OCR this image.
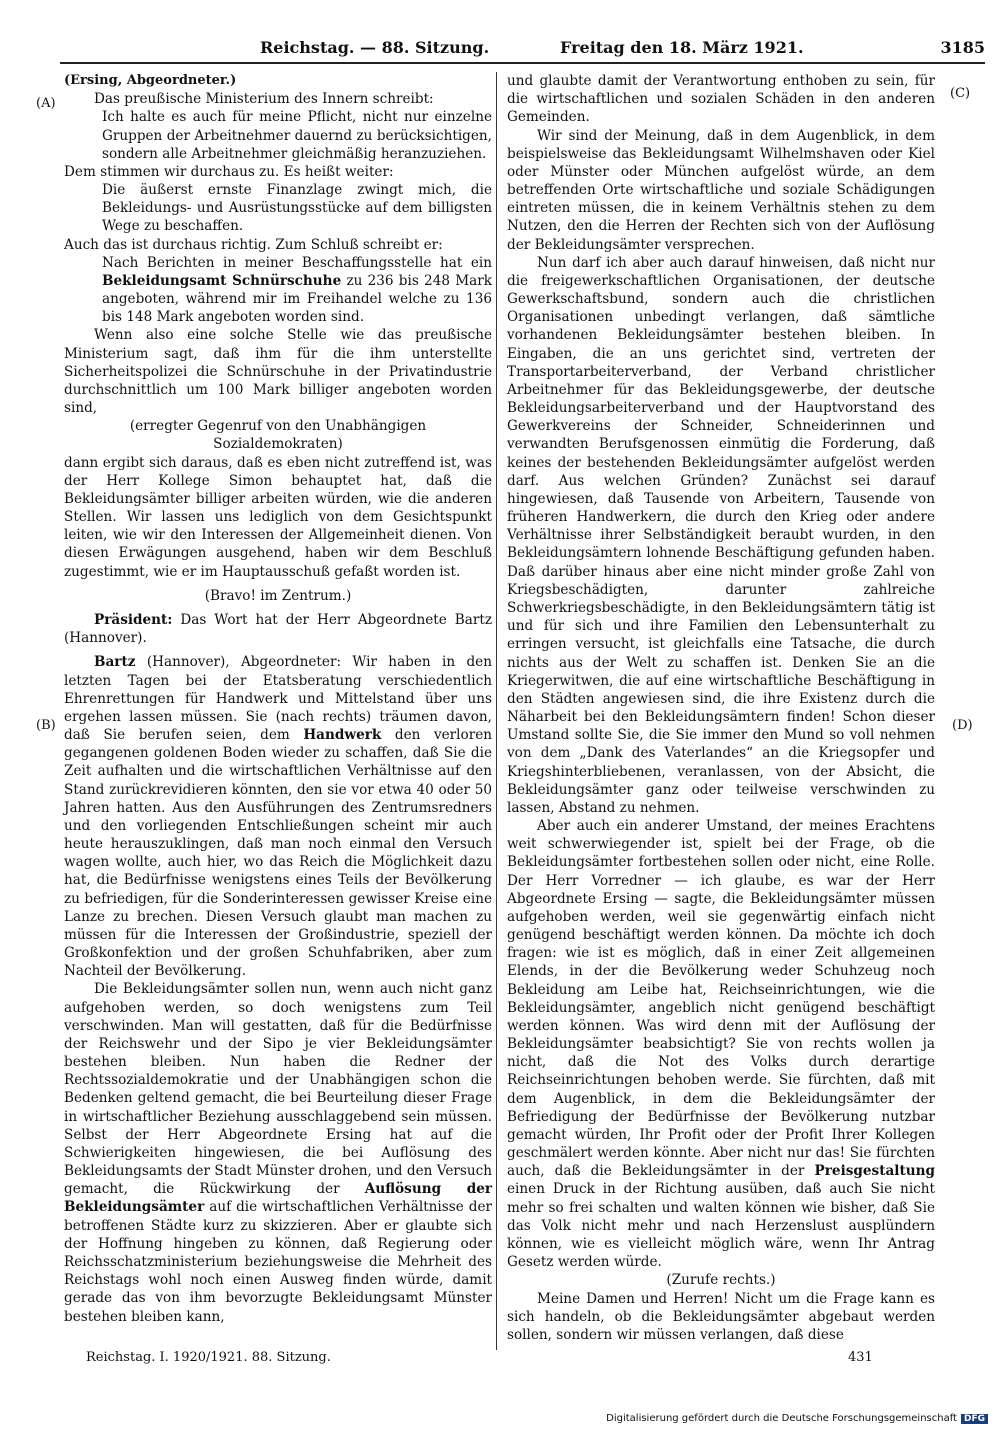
Reichstag. — 88. Sitzung.	Freitag den 18. März 1921.	3185
(A)
(B)
(C)
(D)

(Ersing, Abgeordneter.)

Das preußische Ministerium des Innern schreibt:

Ich halte es auch für meine Pflicht, nicht nur einzelne Gruppen der Arbeitnehmer dauernd zu berücksichtigen, sondern alle Arbeitnehmer gleichmäßig heranzuziehen.

Dem stimmen wir durchaus zu. Es heißt weiter:

Die äußerst ernste Finanzlage zwingt mich, die Bekleidungs- und Ausrüstungsstücke auf dem billigsten Wege zu beschaffen.

Auch das ist durchaus richtig. Zum Schluß schreibt er:

Nach Berichten in meiner Beschaffungsstelle hat ein Bekleidungsamt Schnürschuhe zu 236 bis 248 Mark angeboten, während mir im Freihandel welche zu 136 bis 148 Mark angeboten worden sind.

Wenn also eine solche Stelle wie das preußische Ministerium sagt, daß ihm für die ihm unterstellte Sicherheitspolizei die Schnürschuhe in der Privatindustrie durchschnittlich um 100 Mark billiger angeboten worden sind,

(erregter Gegenruf von den Unabhängigen Sozialdemokraten)

dann ergibt sich daraus, daß es eben nicht zutreffend ist, was der Herr Kollege Simon behauptet hat, daß die Bekleidungsämter billiger arbeiten würden, wie die anderen Stellen. Wir lassen uns lediglich von dem Gesichtspunkt leiten, wie wir den Interessen der Allgemeinheit dienen. Von diesen Erwägungen ausgehend, haben wir dem Beschluß zugestimmt, wie er im Hauptausschuß gefaßt worden ist.

(Bravo! im Zentrum.)

Präsident: Das Wort hat der Herr Abgeordnete Bartz (Hannover).

Bartz (Hannover), Abgeordneter: Wir haben in den letzten Tagen bei der Etatsberatung verschiedentlich Ehrenrettungen für Handwerk und Mittelstand über uns ergehen lassen müssen. Sie (nach rechts) träumen davon, daß Sie berufen seien, dem Handwerk den verloren gegangenen goldenen Boden wieder zu schaffen, daß Sie die Zeit aufhalten und die wirtschaftlichen Verhältnisse auf den Stand zurückrevidieren könnten, den sie vor etwa 40 oder 50 Jahren hatten. Aus den Ausführungen des Zentrumsredners und den vorliegenden Entschließungen scheint mir auch heute herauszuklingen, daß man noch einmal den Versuch wagen wollte, auch hier, wo das Reich die Möglichkeit dazu hat, die Bedürfnisse wenigstens eines Teils der Bevölkerung zu befriedigen, für die Sonderinteressen gewisser Kreise eine Lanze zu brechen. Diesen Versuch glaubt man machen zu müssen für die Interessen der Großindustrie, speziell der Großkonfektion und der großen Schuhfabriken, aber zum Nachteil der Bevölkerung.

Die Bekleidungsämter sollen nun, wenn auch nicht ganz aufgehoben werden, so doch wenigstens zum Teil verschwinden. Man will gestatten, daß für die Bedürfnisse der Reichswehr und der Sipo je vier Bekleidungsämter bestehen bleiben. Nun haben die Redner der Rechtssozialdemokratie und der Unabhängigen schon die Bedenken geltend gemacht, die bei Beurteilung dieser Frage in wirtschaftlicher Beziehung ausschlaggebend sein müssen. Selbst der Herr Abgeordnete Ersing hat auf die Schwierigkeiten hingewiesen, die bei Auflösung des Bekleidungsamts der Stadt Münster drohen, und den Versuch gemacht, die Rückwirkung der Auflösung der Bekleidungsämter auf die wirtschaftlichen Verhältnisse der betroffenen Städte kurz zu skizzieren. Aber er glaubte sich der Hoffnung hingeben zu können, daß Regierung oder Reichsschatzministerium beziehungsweise die Mehrheit des Reichstags wohl noch einen Ausweg finden würde, damit gerade das von ihm bevorzugte Bekleidungsamt Münster bestehen bleiben kann,

und glaubte damit der Verantwortung enthoben zu sein, für die wirtschaftlichen und sozialen Schäden in den anderen Gemeinden.

Wir sind der Meinung, daß in dem Augenblick, in dem beispielsweise das Bekleidungsamt Wilhelmshaven oder Kiel oder Münster oder München aufgelöst würde, an dem betreffenden Orte wirtschaftliche und soziale Schädigungen eintreten müssen, die in keinem Verhältnis stehen zu dem Nutzen, den die Herren der Rechten sich von der Auflösung der Bekleidungsämter versprechen.

Nun darf ich aber auch darauf hinweisen, daß nicht nur die freigewerkschaftlichen Organisationen, der deutsche Gewerkschaftsbund, sondern auch die christlichen Organisationen unbedingt verlangen, daß sämtliche vorhandenen Bekleidungsämter bestehen bleiben. In Eingaben, die an uns gerichtet sind, vertreten der Transportarbeiterverband, der Verband christlicher Arbeitnehmer für das Bekleidungsgewerbe, der deutsche Bekleidungsarbeiterverband und der Hauptvorstand des Gewerkvereins der Schneider, Schneiderinnen und verwandten Berufsgenossen einmütig die Forderung, daß keines der bestehenden Bekleidungsämter aufgelöst werden darf. Aus welchen Gründen? Zunächst sei darauf hingewiesen, daß Tausende von Arbeitern, Tausende von früheren Handwerkern, die durch den Krieg oder andere Verhältnisse ihrer Selbständigkeit beraubt wurden, in den Bekleidungsämtern lohnende Beschäftigung gefunden haben. Daß darüber hinaus aber eine nicht minder große Zahl von Kriegsbeschädigten, darunter zahlreiche Schwerkriegsbeschädigte, in den Bekleidungsämtern tätig ist und für sich und ihre Familien den Lebensunterhalt zu erringen versucht, ist gleichfalls eine Tatsache, die durch nichts aus der Welt zu schaffen ist. Denken Sie an die Kriegerwitwen, die auf eine wirtschaftliche Beschäftigung in den Städten angewiesen sind, die ihre Existenz durch die Näharbeit bei den Bekleidungsämtern finden! Schon dieser Umstand sollte Sie, die Sie immer den Mund so voll nehmen von dem „Dank des Vaterlandes“ an die Kriegsopfer und Kriegshinterbliebenen, veranlassen, von der Absicht, die Bekleidungsämter ganz oder teilweise verschwinden zu lassen, Abstand zu nehmen.

Aber auch ein anderer Umstand, der meines Erachtens weit schwerwiegender ist, spielt bei der Frage, ob die Bekleidungsämter fortbestehen sollen oder nicht, eine Rolle. Der Herr Vorredner — ich glaube, es war der Herr Abgeordnete Ersing — sagte, die Bekleidungsämter müssen aufgehoben werden, weil sie gegenwärtig einfach nicht genügend beschäftigt werden können. Da möchte ich doch fragen: wie ist es möglich, daß in einer Zeit allgemeinen Elends, in der die Bevölkerung weder Schuhzeug noch Bekleidung am Leibe hat, Reichseinrichtungen, wie die Bekleidungsämter, angeblich nicht genügend beschäftigt werden können. Was wird denn mit der Auflösung der Bekleidungsämter beabsichtigt? Sie von rechts wollen ja nicht, daß die Not des Volks durch derartige Reichseinrichtungen behoben werde. Sie fürchten, daß mit dem Augenblick, in dem die Bekleidungsämter der Befriedigung der Bedürfnisse der Bevölkerung nutzbar gemacht würden, Ihr Profit oder der Profit Ihrer Kollegen geschmälert werden könnte. Aber nicht nur das! Sie fürchten auch, daß die Bekleidungsämter in der Preisgestaltung einen Druck in der Richtung ausüben, daß auch Sie nicht mehr so frei schalten und walten können wie bisher, daß Sie das Volk nicht mehr und nach Herzenslust ausplündern können, wie es vielleicht möglich wäre, wenn Ihr Antrag Gesetz werden würde.

(Zurufe rechts.)

Meine Damen und Herren! Nicht um die Frage kann es sich handeln, ob die Bekleidungsämter abgebaut werden sollen, sondern wir müssen verlangen, daß diese

Reichstag. I. 1920/1921. 88. Sitzung.	431
Digitalisierung gefördert durch die Deutsche Forschungsgemeinschaft DFG
